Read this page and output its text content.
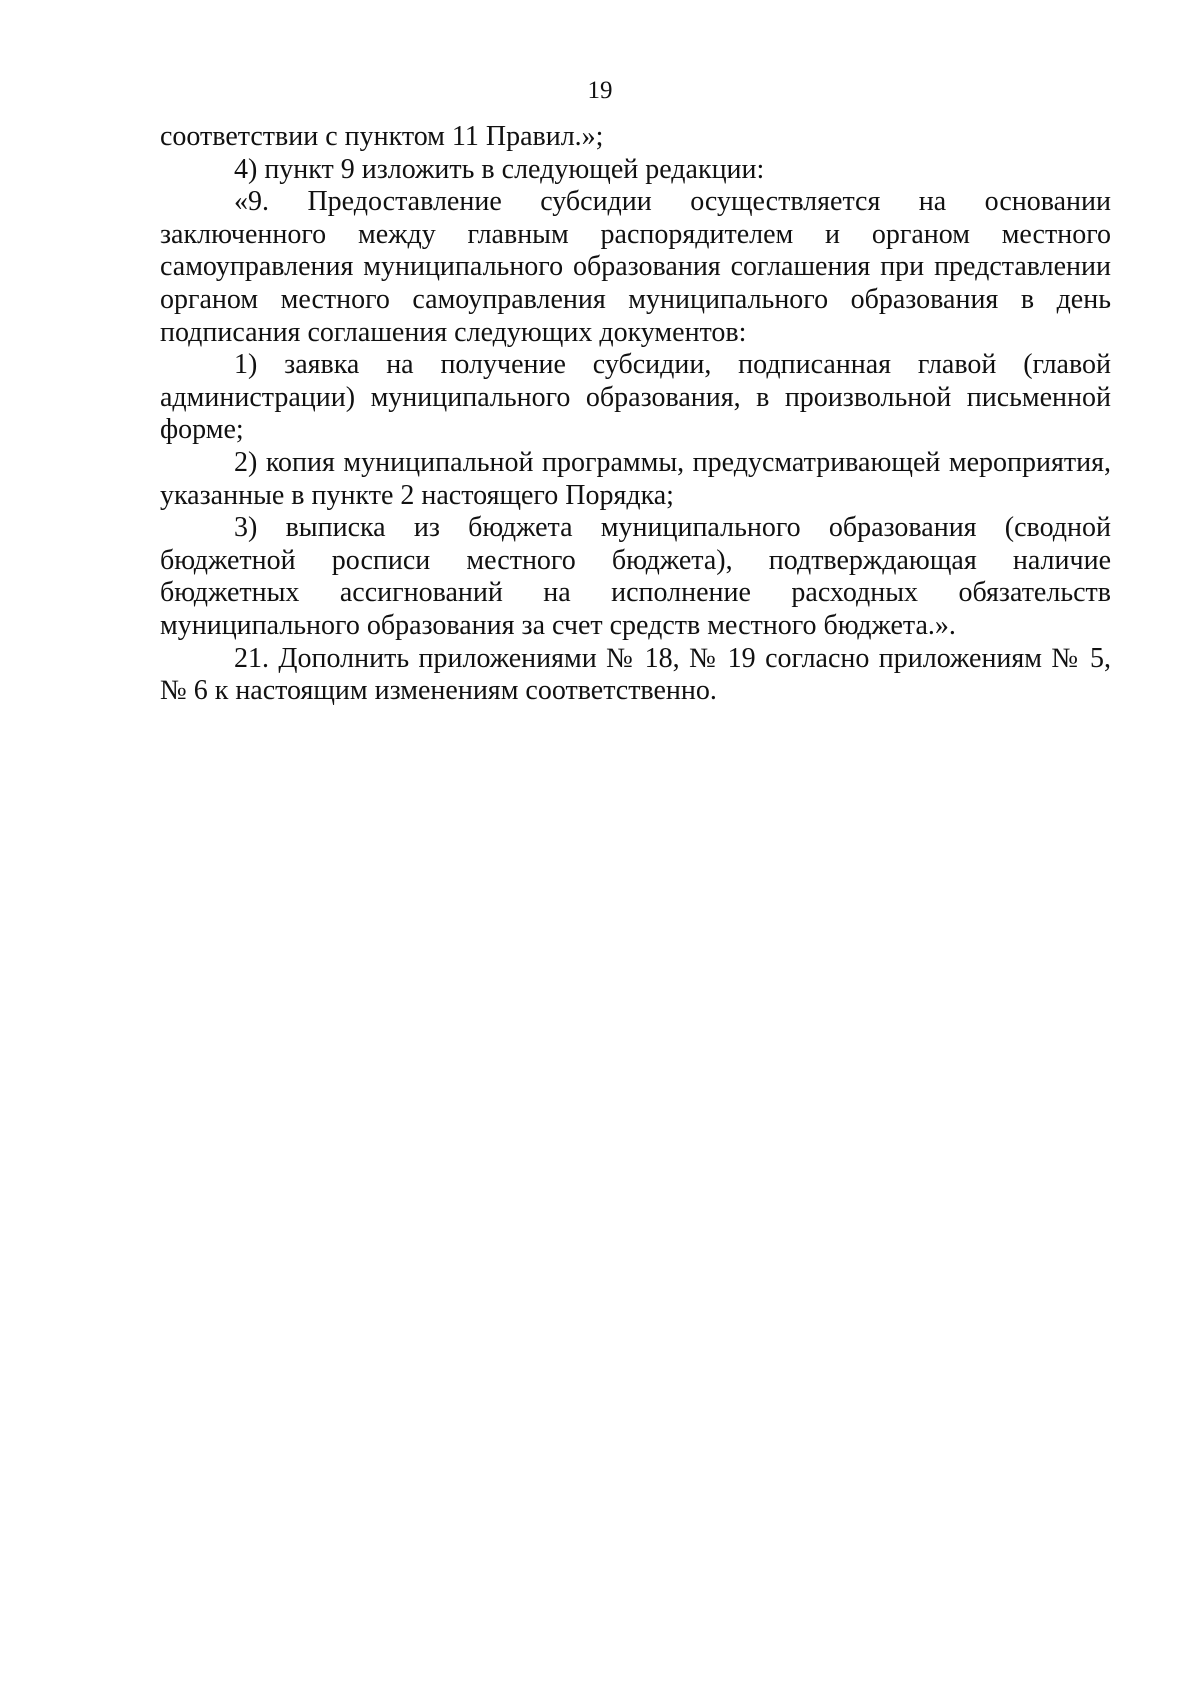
19

соответствии с пунктом 11 Правил.»;

4) пункт 9 изложить в следующей редакции:

«9. Предоставление субсидии осуществляется на основании заключенного между главным распорядителем и органом местного самоуправления муниципального образования соглашения при представлении органом местного самоуправления муниципального образования в день подписания соглашения следующих документов:

1) заявка на получение субсидии, подписанная главой (главой администрации) муниципального образования, в произвольной письменной форме;

2) копия муниципальной программы, предусматривающей мероприятия, указанные в пункте 2 настоящего Порядка;

3) выписка из бюджета муниципального образования (сводной бюджетной росписи местного бюджета), подтверждающая наличие бюджетных ассигнований на исполнение расходных обязательств муниципального образования за счет средств местного бюджета.».

21. Дополнить приложениями № 18, № 19 согласно приложениям № 5, № 6 к настоящим изменениям соответственно.
